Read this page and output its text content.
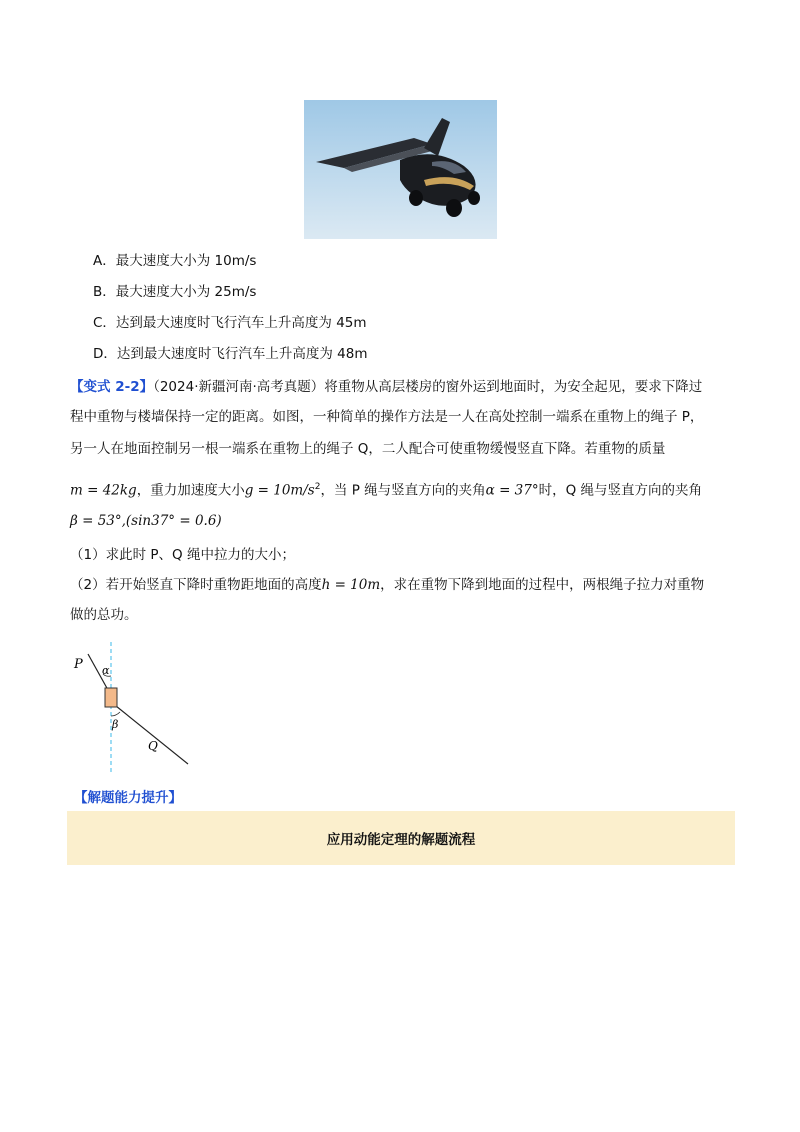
A．最大速度大小为 10m/s
B．最大速度大小为 25m/s
C．达到最大速度时飞行汽车上升高度为 45m
D．达到最大速度时飞行汽车上升高度为 48m
【变式 2-2】（2024·新疆河南·高考真题）将重物从高层楼房的窗外运到地面时，为安全起见，要求下降过
程中重物与楼墙保持一定的距离。如图，一种简单的操作方法是一人在高处控制一端系在重物上的绳子 P，
另一人在地面控制另一根一端系在重物上的绳子 Q，二人配合可使重物缓慢竖直下降。若重物的质量
m = 42kg，重力加速度大小$g = 10m/s^2$，当 P 绳与竖直方向的夹角α = 37°时，Q 绳与竖直方向的夹角
β = 53°,(sin37° = 0.6)
（1）求此时 P、Q 绳中拉力的大小；
（2）若开始竖直下降时重物距地面的高度h = 10m，求在重物下降到地面的过程中，两根绳子拉力对重物
做的总功。
P α
β
Q
【解题能力提升】
应用动能定理的解题流程
